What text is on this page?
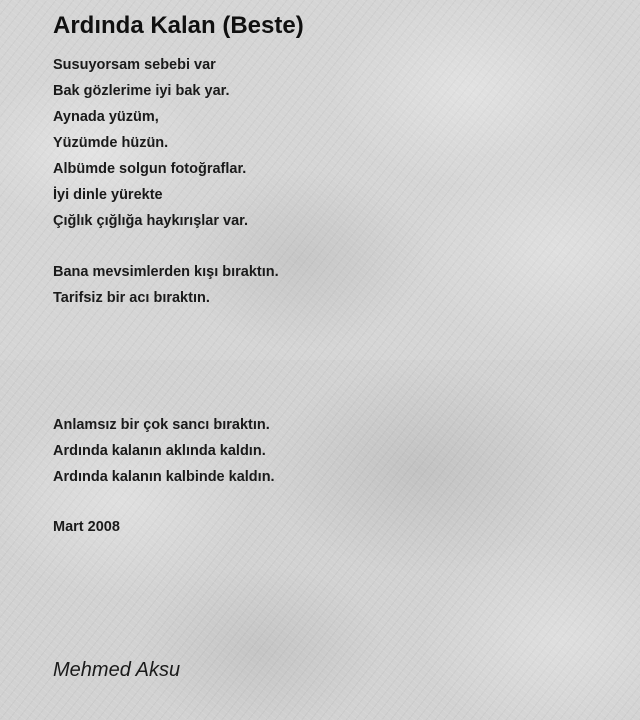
Ardında Kalan (Beste)
Susuyorsam sebebi var
Bak gözlerime iyi bak yar.
Aynada yüzüm,
Yüzümde hüzün.
Albümde solgun fotoğraflar.
İyi dinle yürekte
Çığlık çığlığa haykırışlar var.
Bana mevsimlerden kışı bıraktın.
Tarifsiz bir acı bıraktın.
Anlamsız bir çok sancı bıraktın.
Ardında kalanın aklında kaldın.
Ardında kalanın kalbinde kaldın.
Mart 2008
Mehmed Aksu
